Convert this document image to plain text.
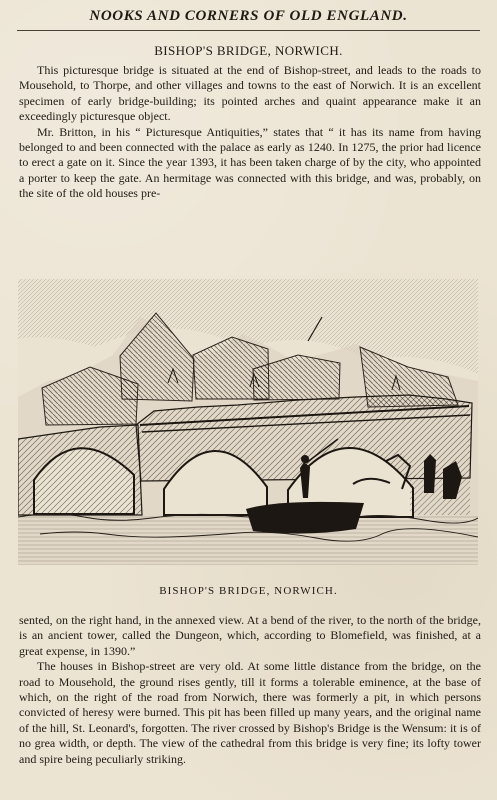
NOOKS AND CORNERS OF OLD ENGLAND.
BISHOP'S BRIDGE, NORWICH.

This picturesque bridge is situated at the end of Bishop-street, and leads to the roads to Mousehold, to Thorpe, and other villages and towns to the east of Norwich. It is an excellent specimen of early bridge-building; its pointed arches and quaint appearance make it an exceedingly picturesque object.

Mr. Britton, in his “ Picturesque Antiquities,” states that “ it has its name from having belonged to and been connected with the palace as early as 1240. In 1275, the prior had licence to erect a gate on it. Since the year 1393, it has been taken charge of by the city, who appointed a porter to keep the gate. An hermitage was connected with this bridge, and was, probably, on the site of the old houses pre-

BISHOP'S BRIDGE, NORWICH.

sented, on the right hand, in the annexed view. At a bend of the river, to the north of the bridge, is an ancient tower, called the Dungeon, which, according to Blomefield, was finished, at a great expense, in 1390.”

The houses in Bishop-street are very old. At some little distance from the bridge, on the road to Mousehold, the ground rises gently, till it forms a tolerable eminence, at the base of which, on the right of the road from Norwich, there was formerly a pit, in which persons convicted of heresy were burned. This pit has been filled up many years, and the original name of the hill, St. Leonard's, forgotten. The river crossed by Bishop's Bridge is the Wensum: it is of no grea width, or depth. The view of the cathedral from this bridge is very fine; its lofty tower and spire being peculiarly striking.
